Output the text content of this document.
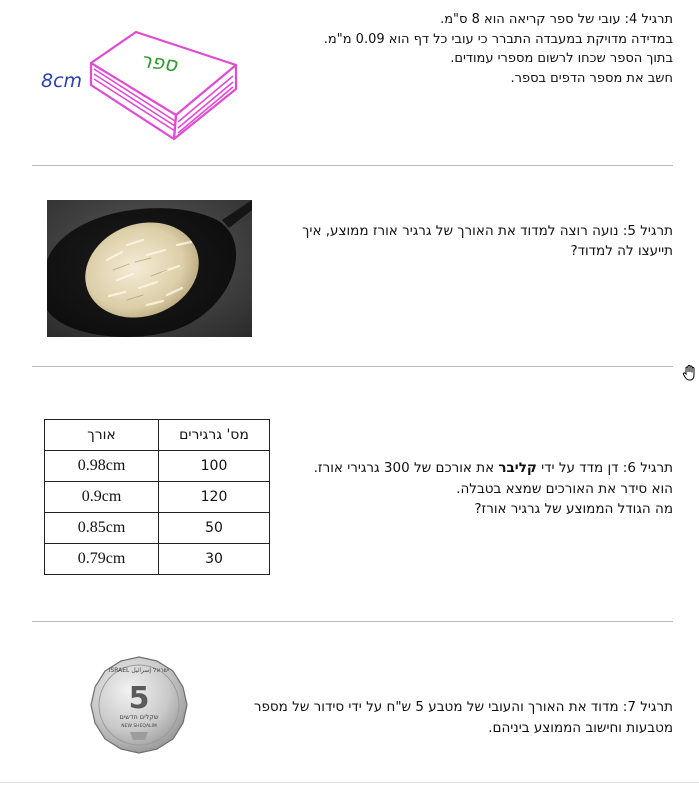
ספר
8cm
תרגיל 4: עובי של ספר קריאה הוא 8 ס"מ.
במדידה מדויקת במעבדה התברר כי עובי כל דף הוא 0.09 מ"מ.
בתוך הספר שכחו לרשום מספרי עמודים.
חשב את מספר הדפים בספר.
תרגיל 5: נועה רוצה למדוד את האורך של גרגיר אורז ממוצע, איך
תייעצו לה למדוד?
אורך	מס' גרגירים
0.98cm	100
0.9cm	120
0.85cm	50
0.79cm	30
תרגיל 6: דן מדד על ידי קליבר את אורכם של 300 גרגירי אורז.
הוא סידר את האורכים שמצא בטבלה.
מה הגודל הממוצע של גרגיר אורז?
ISRAEL ישראל إسرائيل
5
שקלים חדשים
NEW SHEQALIM
תרגיל 7: מדוד את האורך והעובי של מטבע 5 ש"ח על ידי סידור של מספר
מטבעות וחישוב הממוצע ביניהם.
